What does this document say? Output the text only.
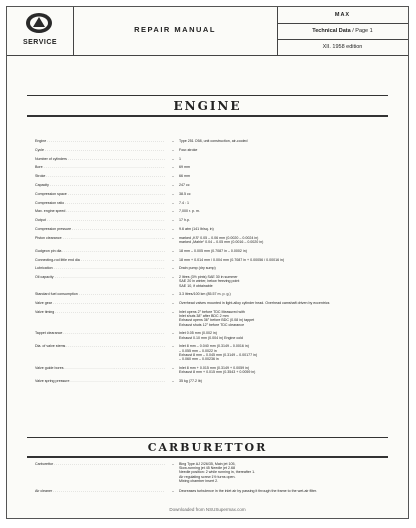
SERVICE
REPAIR MANUAL
MAX
Technical Data / Page 1
XII. 1958 edition
ENGINE
Engine . . .	–	Type 251 O58, unit construction, air-cooled
Cycle . . .	–	Four-stroke
Number of cylinders . . .	–	1
Bore . . .	–	69 mm
Stroke . . .	–	66 mm
Capacity . . .	–	247 cc
Compression space . . .	–	38.5 cc
Compression ratio . . .	–	7.4 : 1
Max. engine speed . . .	–	7,000 r. p. m.
Output . . .	–	17 h.p.
Compression pressure . . .	–	9.6 atm (141 lb/sq. in)
Piston clearance . . .	–	marked „KS“ 0.05 – 0.06 mm (0.0020 – 0.0024 in)
marked „Mahle“ 0.04 – 0.05 mm (0.0016 – 0.0020 in)
Gudgeon pin dia . . .	–	18 mm – 0.005 mm (0.7087 in – 0.0002 in)
Connecting-rod little end dia . . .	–	18 mm + 0.014 mm / 0.004 mm (0.7087 in + 0.00056 / 0.00016 in)
Lubrication . . .	–	Drain pump (dry sump)
Oil capacity . . .	–	2 litres (3½ pints) SAE 30 in summer
SAE 20 in winter, below freezing point
SAE 10, if obtainable
Standard fuel consumption . . .	–	3.3 litres/100 km (85.57 m. p. g.)
Valve gear . . .	–	Overhead valves mounted in light-alloy cylinder head. Overhead camshaft driven by eccentrics
Valve timing . . .	–	Inlet opens 2° before TDC Measured with
Inlet shuts 38° after BDC 2 mm
Exhaust opens 36° before BDC (0.08 in) tappet
Exhaust shuts 12° before TDC clearance
Tappet clearance . . .	–	Inlet 0.05 mm (0.002 in)
Exhaust 0.10 mm (0.004 in) Engine cold
Dia. of valve stems . . .	–	Inlet 8 mm – 0.040 mm (0.3149 – 0.0016 in)
– 0.055 mm – 0.0022 in
Exhaust 8 mm – 0.045 mm (0.3149 – 0.00177 in)
– 0.060 mm – 0.00236 in
Valve guide bores . . .	–	Inlet 8 mm + 0.015 mm (0.3149 + 0.0059 in)
Exhaust 8 mm + 0.015 mm (0.3543 + 0.0059 in)
Valve spring pressure . . .	–	35 kg (77.2 lb)
CARBURETTOR
Carburettor . . .	–	Bing Type AJ 2/26/35, Main jet 105,
Slow-running jet 45 Needle jet 2.68
Needle position: 2 while running in, thereafter 1.
Air regulating screw 1½ turns open.
Mixing chamber insert 2.
Air cleaner . . .	–	Decreases turbulence in the inlet air by passing it through the frame to the wet-air filter.
Downloaded from NSUSupermax.com
